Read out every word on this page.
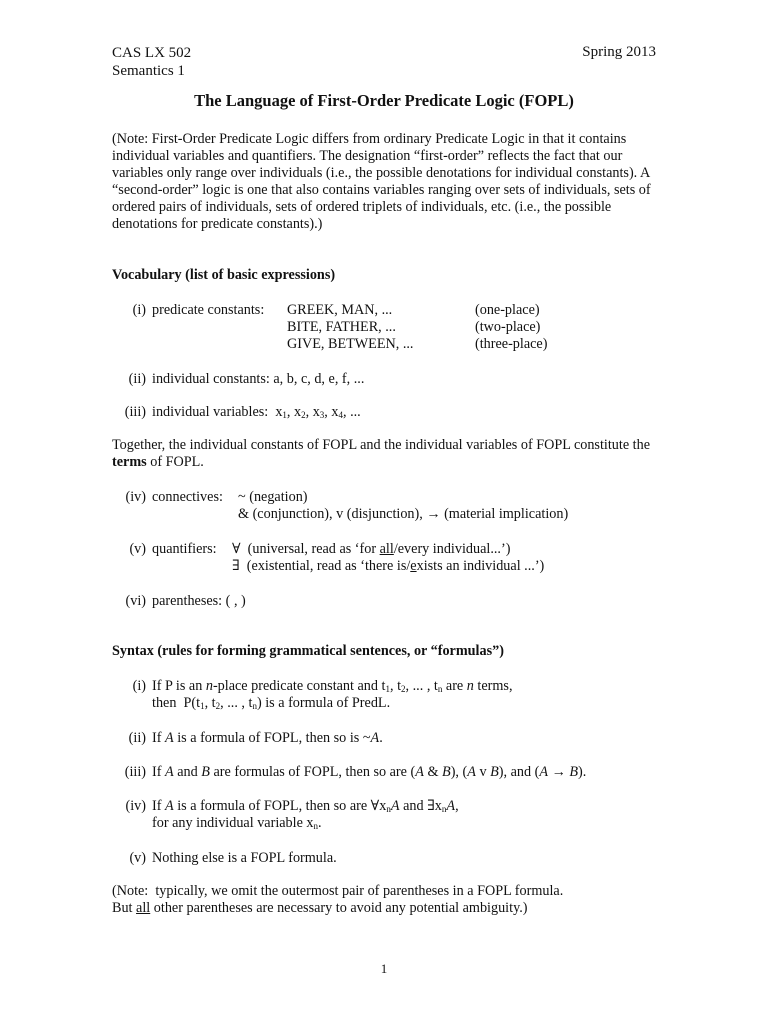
CAS LX 502
Semantics 1
Spring 2013
The Language of First-Order Predicate Logic (FOPL)
(Note: First-Order Predicate Logic differs from ordinary Predicate Logic in that it contains individual variables and quantifiers. The designation “first-order” reflects the fact that our variables only range over individuals (i.e., the possible denotations for individual constants). A “second-order” logic is one that also contains variables ranging over sets of individuals, sets of ordered pairs of individuals, sets of ordered triplets of individuals, etc. (i.e., the possible denotations for predicate constants).)
Vocabulary (list of basic expressions)
(i) predicate constants: GREEK, MAN, ...	(one-place)
BITE, FATHER, ...	(two-place)
GIVE, BETWEEN, ...	(three-place)
(ii) individual constants: a, b, c, d, e, f, ...
(iii) individual variables:  $x_1$, $x_2$, $x_3$, $x_4$, ...
Together, the individual constants of FOPL and the individual variables of FOPL constitute the terms of FOPL.
(iv) connectives: ~ (negation)
& (conjunction), v (disjunction), → (material implication)
(v) quantifiers: ∀  (universal, read as ‘for all/every individual...’)
∃  (existential, read as ‘there is/exists an individual ...’)
(vi) parentheses: ( , )
Syntax (rules for forming grammatical sentences, or “formulas”)
(i) If P is an n-place predicate constant and $t_1$, $t_2$, ... , $t_n$ are n terms,
then  $P(t_1$, $t_2$, ... , $t_n$) is a formula of PredL.
(ii) If A is a formula of FOPL, then so is ~A.
(iii) If A and B are formulas of FOPL, then so are (A & B), (A v B), and (A → B).
(iv) If A is a formula of FOPL, then so are $\forall x_nA$ and $\exists x_nA$,
for any individual variable $x_n$.
(v) Nothing else is a FOPL formula.
(Note:  typically, we omit the outermost pair of parentheses in a FOPL formula.
But all other parentheses are necessary to avoid any potential ambiguity.)
1
